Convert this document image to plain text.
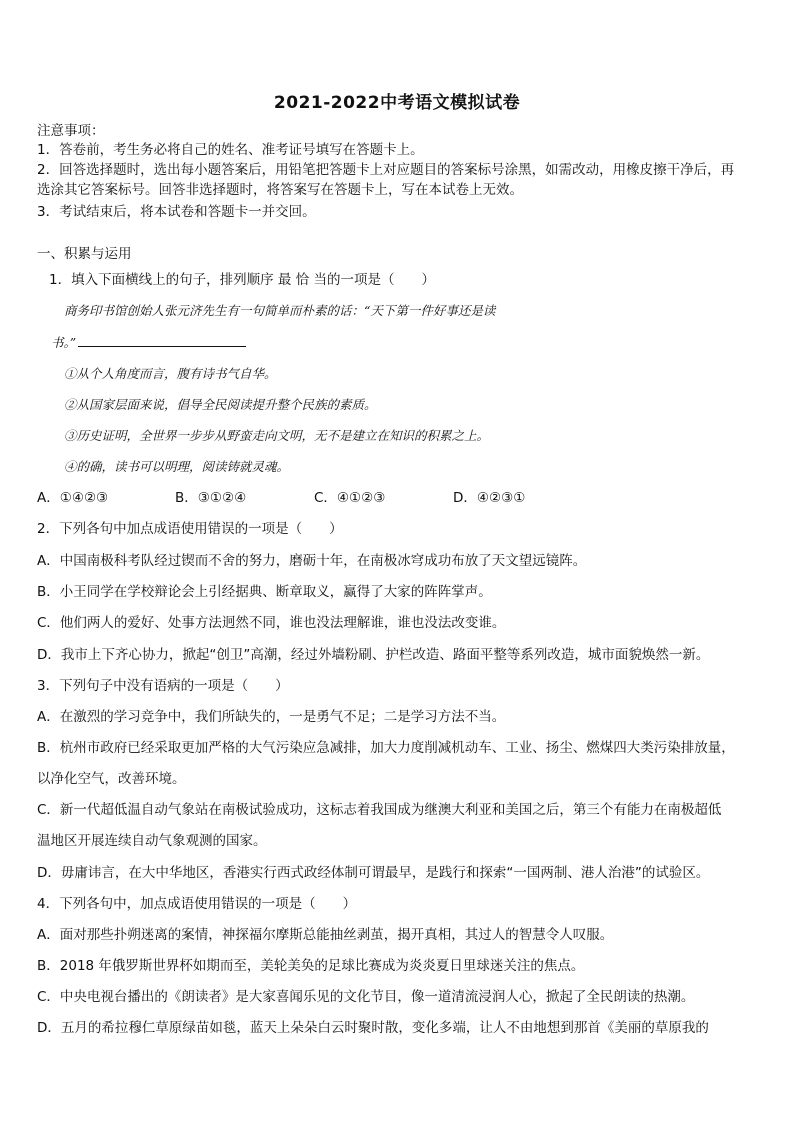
2021-2022中考语文模拟试卷
注意事项：
1．答卷前，考生务必将自己的姓名、准考证号填写在答题卡上。
2．回答选择题时，选出每小题答案后，用铅笔把答题卡上对应题目的答案标号涂黑，如需改动，用橡皮擦干净后，再
选涂其它答案标号。回答非选择题时，将答案写在答题卡上，写在本试卷上无效。
3．考试结束后，将本试卷和答题卡一并交回。
一、积累与运用
1．填入下面横线上的句子，排列顺序 最 恰 当的一项是（　　）
商务印书馆创始人张元济先生有一句简单而朴素的话：“天下第一件好事还是读
书。”
①从个人角度而言，腹有诗书气自华。
②从国家层面来说，倡导全民阅读提升整个民族的素质。
③历史证明，全世界一步步从野蛮走向文明，无不是建立在知识的积累之上。
④的确，读书可以明理，阅读铸就灵魂。
A．①④②③	B．③①②④	C．④①②③	D．④②③①
2．下列各句中加点成语使用错误的一项是（　　）
A．中国南极科考队经过锲而不舍的努力，磨砺十年，在南极冰穹成功布放了天文望远镜阵。
B．小王同学在学校辩论会上引经据典、断章取义，赢得了大家的阵阵掌声。
C．他们两人的爱好、处事方法迥然不同，谁也没法理解谁，谁也没法改变谁。
D．我市上下齐心协力，掀起“创卫”高潮，经过外墙粉刷、护栏改造、路面平整等系列改造，城市面貌焕然一新。
3．下列句子中没有语病的一项是（　　）
A．在激烈的学习竞争中，我们所缺失的，一是勇气不足；二是学习方法不当。
B．杭州市政府已经采取更加严格的大气污染应急减排，加大力度削减机动车、工业、扬尘、燃煤四大类污染排放量，
以净化空气，改善环境。
C．新一代超低温自动气象站在南极试验成功，这标志着我国成为继澳大利亚和美国之后，第三个有能力在南极超低
温地区开展连续自动气象观测的国家。
D．毋庸讳言，在大中华地区，香港实行西式政经体制可谓最早，是践行和探索“一国两制、港人治港”的试验区。
4．下列各句中，加点成语使用错误的一项是（　　）
A．面对那些扑朔迷离的案情，神探福尔摩斯总能抽丝剥茧，揭开真相，其过人的智慧令人叹服。
B．2018 年俄罗斯世界杯如期而至，美轮美奂的足球比赛成为炎炎夏日里球迷关注的焦点。
C．中央电视台播出的《朗读者》是大家喜闻乐见的文化节目，像一道清流浸润人心，掀起了全民朗读的热潮。
D．五月的希拉穆仁草原绿苗如毯，蓝天上朵朵白云时聚时散，变化多端，让人不由地想到那首《美丽的草原我的
